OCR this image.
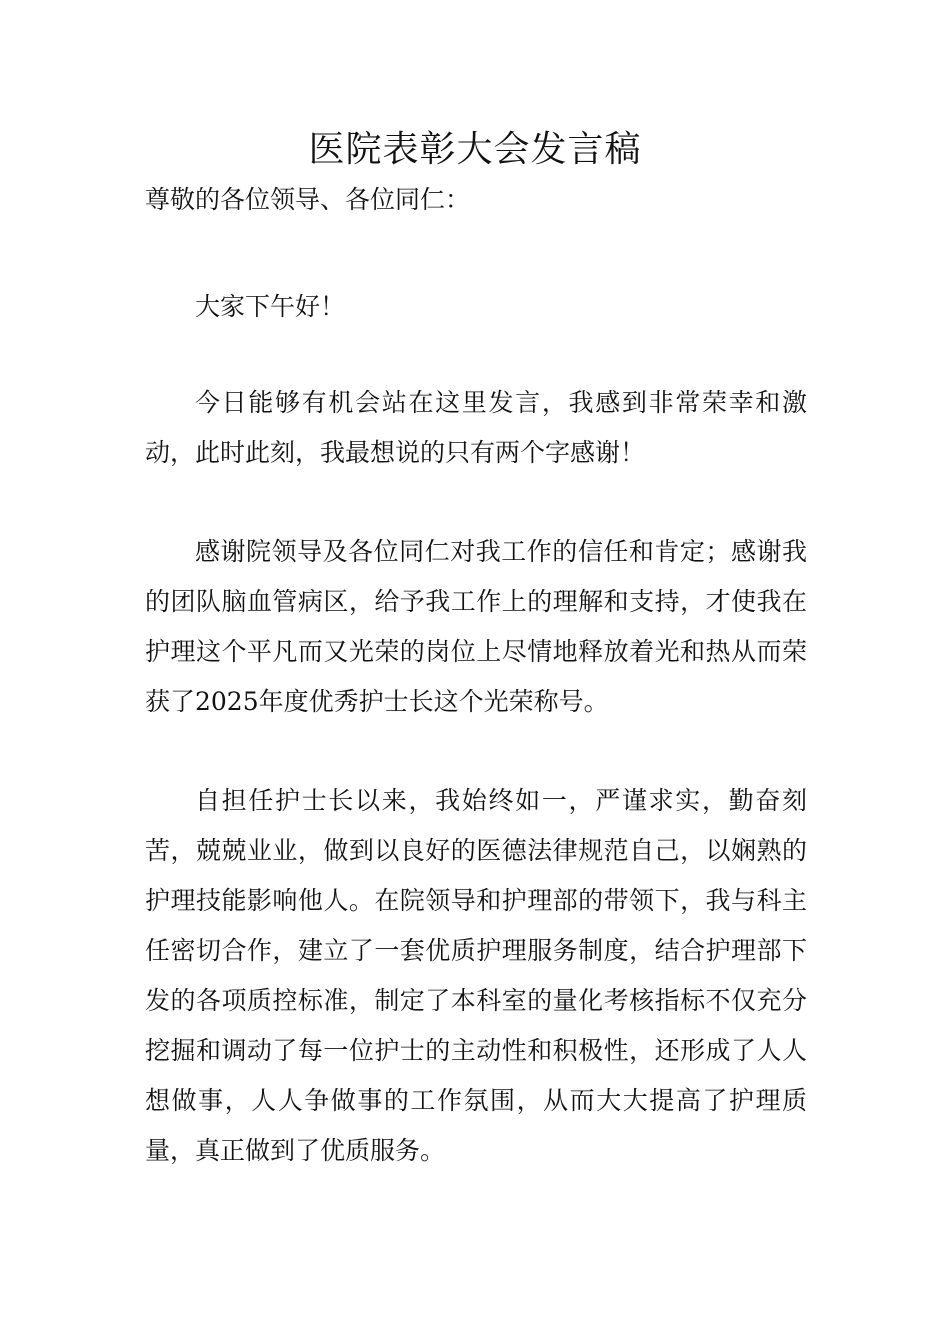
医院表彰大会发言稿

尊敬的各位领导、各位同仁：

大家下午好！

今日能够有机会站在这里发言，我感到非常荣幸和激动，此时此刻，我最想说的只有两个字感谢！

感谢院领导及各位同仁对我工作的信任和肯定；感谢我的团队脑血管病区，给予我工作上的理解和支持，才使我在护理这个平凡而又光荣的岗位上尽情地释放着光和热从而荣获了2025年度优秀护士长这个光荣称号。

自担任护士长以来，我始终如一，严谨求实，勤奋刻苦，兢兢业业，做到以良好的医德法律规范自己，以娴熟的护理技能影响他人。在院领导和护理部的带领下，我与科主任密切合作，建立了一套优质护理服务制度，结合护理部下发的各项质控标准，制定了本科室的量化考核指标不仅充分挖掘和调动了每一位护士的主动性和积极性，还形成了人人想做事，人人争做事的工作氛围，从而大大提高了护理质量，真正做到了优质服务。
